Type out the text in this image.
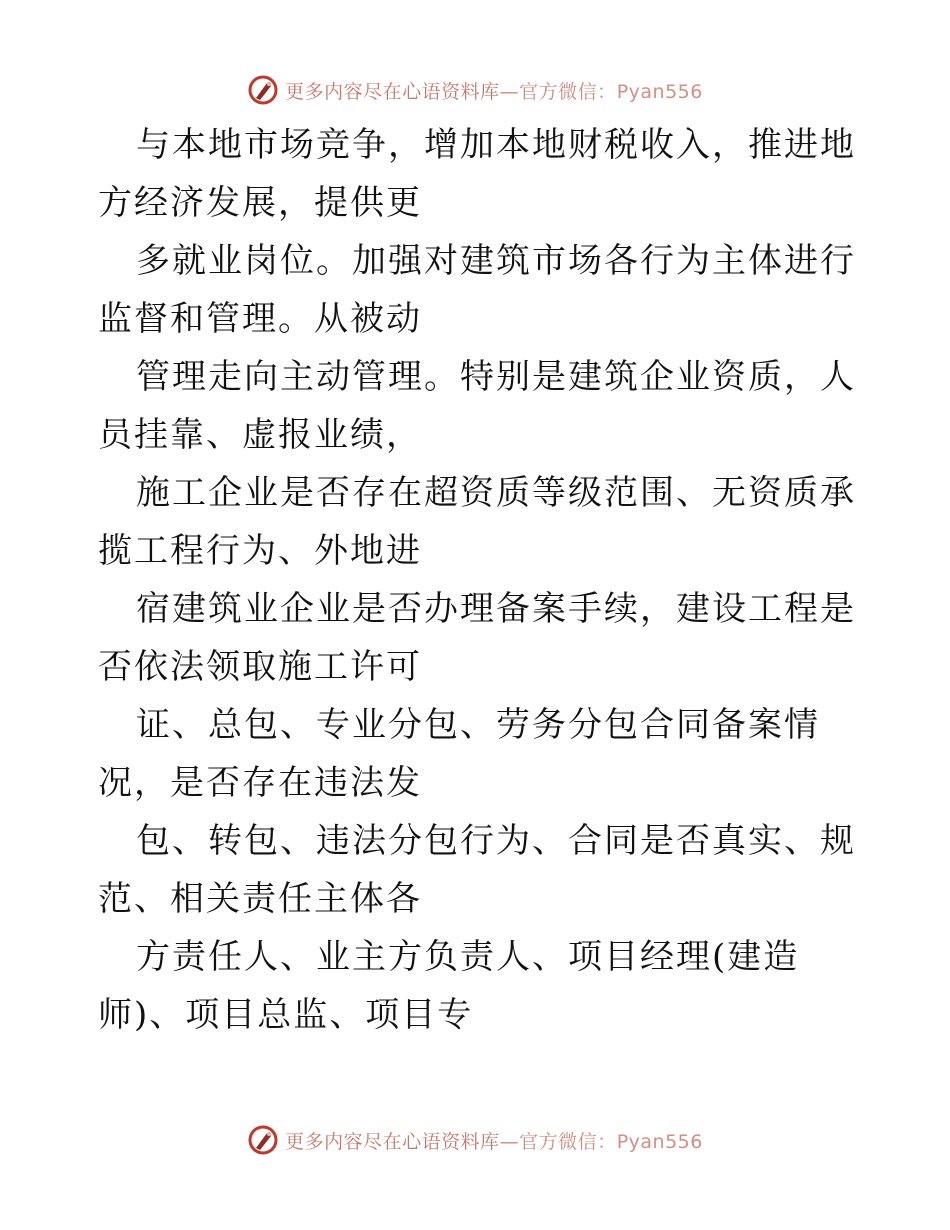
更多内容尽在心语资料库—官方微信：Pyan556

与本地市场竞争，增加本地财税收入，推进地方经济发展，提供更

多就业岗位。加强对建筑市场各行为主体进行监督和管理。从被动

管理走向主动管理。特别是建筑企业资质，人员挂靠、虚报业绩，

施工企业是否存在超资质等级范围、无资质承揽工程行为、外地进

宿建筑业企业是否办理备案手续，建设工程是否依法领取施工许可

证、总包、专业分包、劳务分包合同备案情况，是否存在违法发

包、转包、违法分包行为、合同是否真实、规范、相关责任主体各

方责任人、业主方负责人、项目经理(建造师)、项目总监、项目专

更多内容尽在心语资料库—官方微信：Pyan556
